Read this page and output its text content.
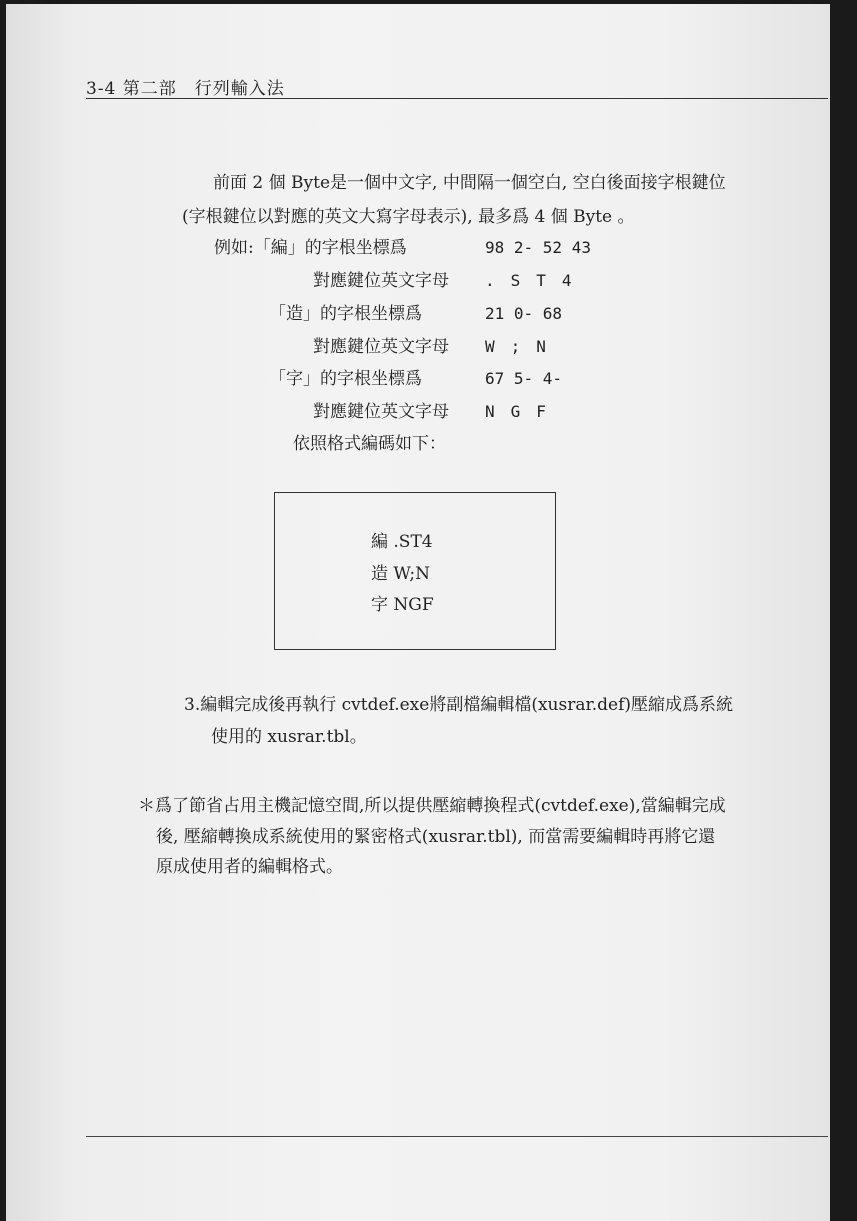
3-4 第二部　行列輸入法
前面 2 個 Byte是一個中文字, 中間隔一個空白, 空白後面接字根鍵位
(字根鍵位以對應的英文大寫字母表示), 最多爲 4 個 Byte 。
例如:「編」的字根坐標爲	98 2- 52 43
對應鍵位英文字母 .　S　T　4
「造」的字根坐標爲	21 0- 68
對應鍵位英文字母 W　;　N
「字」的字根坐標爲	67 5- 4-
對應鍵位英文字母 N　G　F
依照格式編碼如下：
編 .ST4
造 W;N
字 NGF
3.編輯完成後再執行 cvtdef.exe將副檔編輯檔(xusrar.def)壓縮成爲系統
使用的 xusrar.tbl。
＊爲了節省占用主機記憶空間,所以提供壓縮轉換程式(cvtdef.exe),當編輯完成
後, 壓縮轉換成系統使用的緊密格式(xusrar.tbl), 而當需要編輯時再將它還
原成使用者的編輯格式。
